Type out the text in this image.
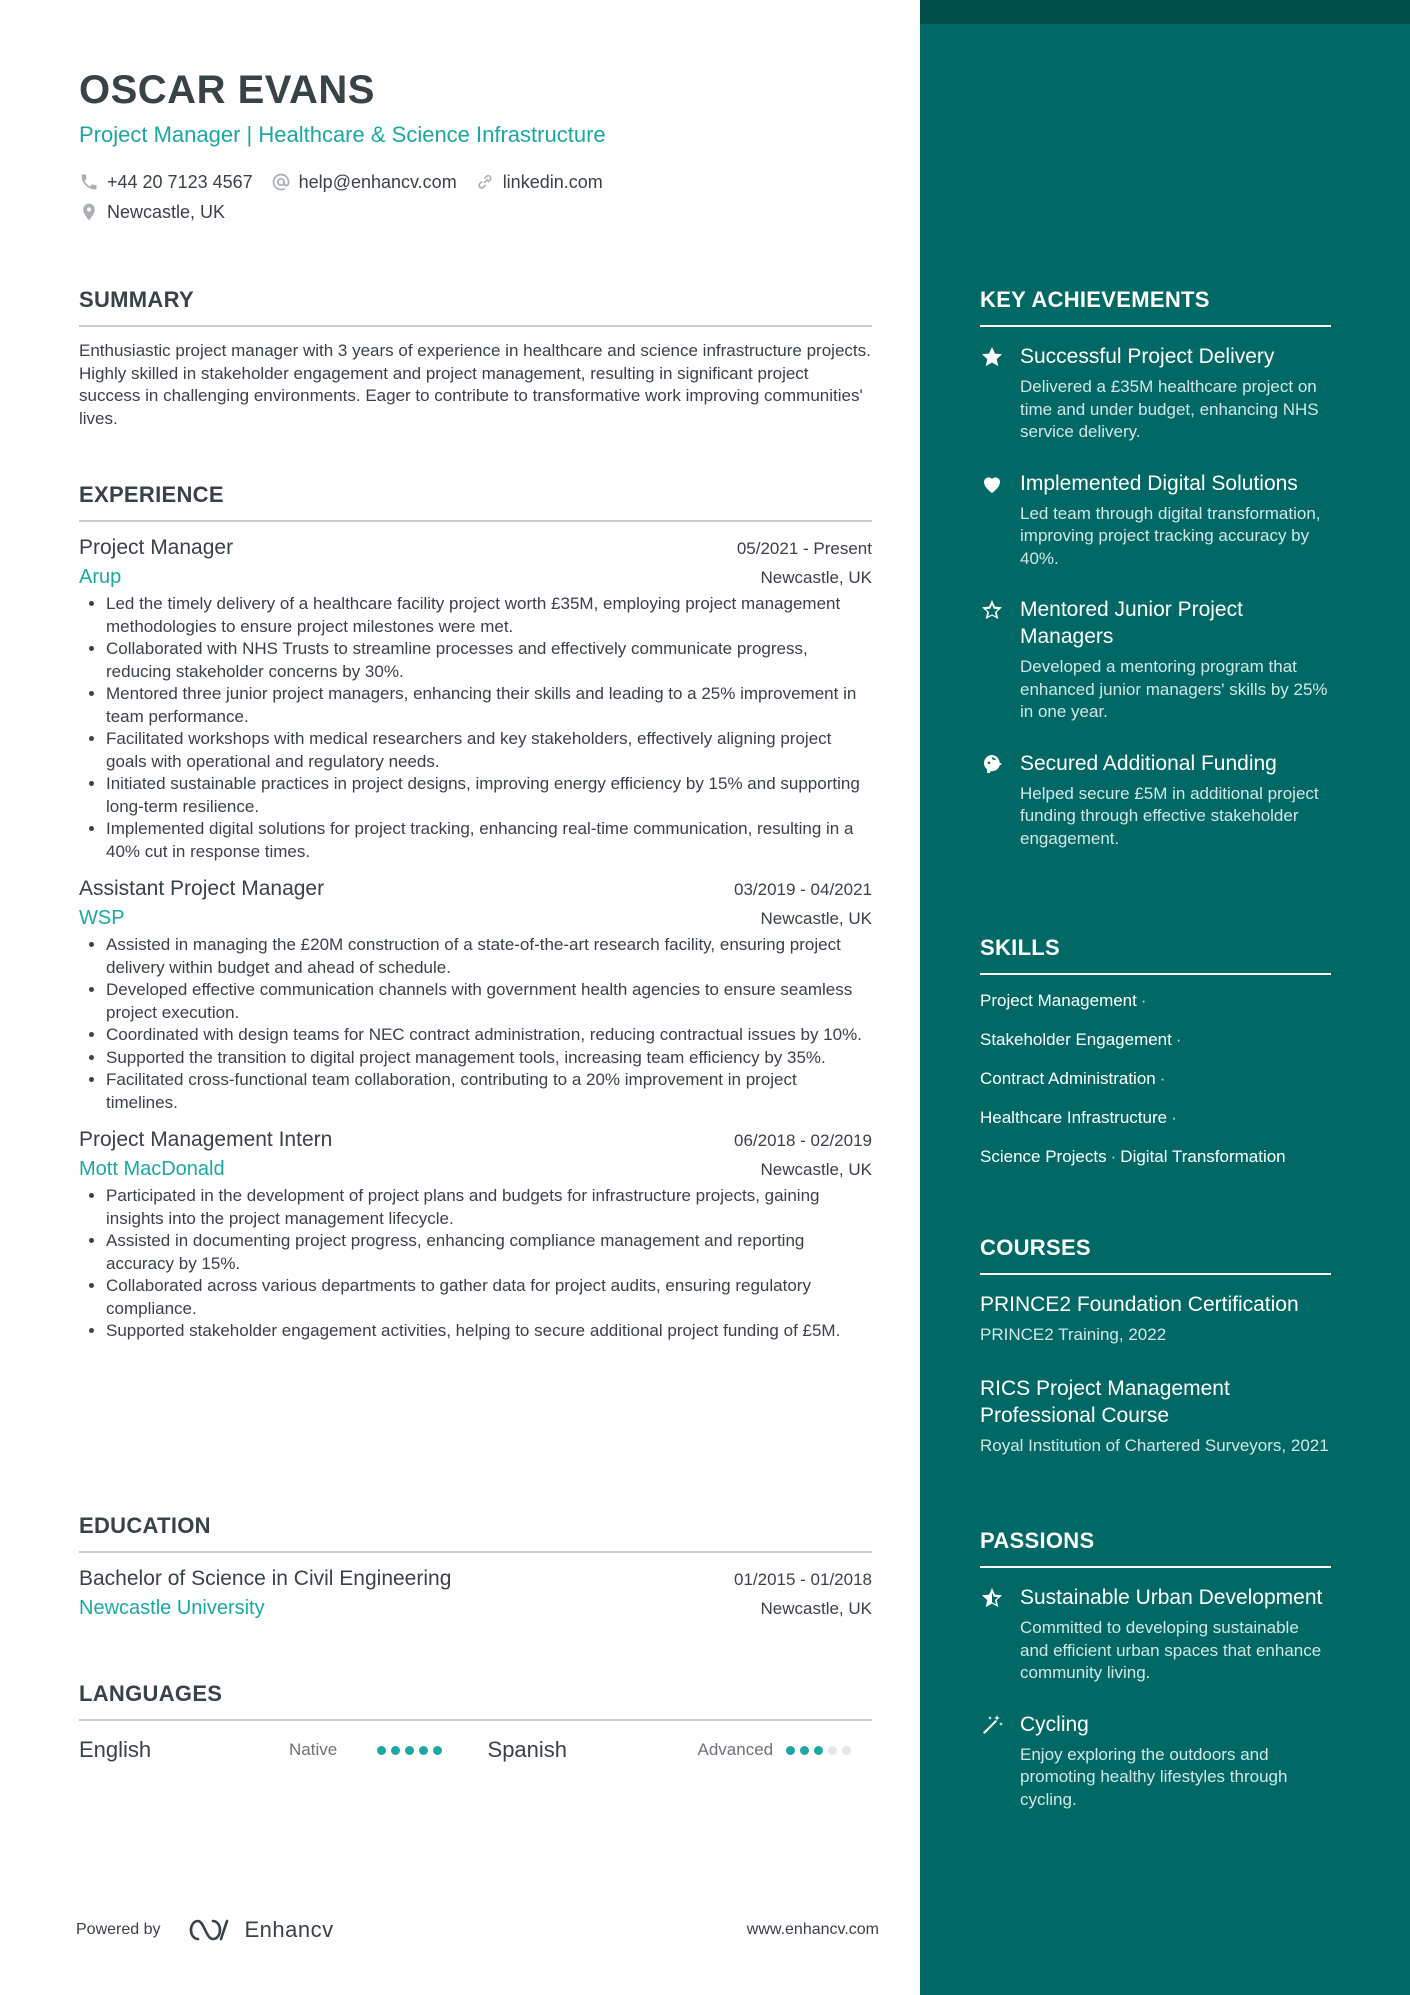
OSCAR EVANS
Project Manager | Healthcare & Science Infrastructure
+44 20 7123 4567	help@enhancv.com	linkedin.com
Newcastle, UK
SUMMARY

Enthusiastic project manager with 3 years of experience in healthcare and science infrastructure projects. Highly skilled in stakeholder engagement and project management, resulting in significant project success in challenging environments. Eager to contribute to transformative work improving communities' lives.

EXPERIENCE
Project Manager	05/2021 - Present
Arup	Newcastle, UK
• Led the timely delivery of a healthcare facility project worth £35M, employing project management methodologies to ensure project milestones were met.
• Collaborated with NHS Trusts to streamline processes and effectively communicate progress, reducing stakeholder concerns by 30%.
• Mentored three junior project managers, enhancing their skills and leading to a 25% improvement in team performance.
• Facilitated workshops with medical researchers and key stakeholders, effectively aligning project goals with operational and regulatory needs.
• Initiated sustainable practices in project designs, improving energy efficiency by 15% and supporting long-term resilience.
• Implemented digital solutions for project tracking, enhancing real-time communication, resulting in a 40% cut in response times.
Assistant Project Manager	03/2019 - 04/2021
WSP	Newcastle, UK
• Assisted in managing the £20M construction of a state-of-the-art research facility, ensuring project delivery within budget and ahead of schedule.
• Developed effective communication channels with government health agencies to ensure seamless project execution.
• Coordinated with design teams for NEC contract administration, reducing contractual issues by 10%.
• Supported the transition to digital project management tools, increasing team efficiency by 35%.
• Facilitated cross-functional team collaboration, contributing to a 20% improvement in project timelines.
Project Management Intern	06/2018 - 02/2019
Mott MacDonald	Newcastle, UK
• Participated in the development of project plans and budgets for infrastructure projects, gaining insights into the project management lifecycle.
• Assisted in documenting project progress, enhancing compliance management and reporting accuracy by 15%.
• Collaborated across various departments to gather data for project audits, ensuring regulatory compliance.
• Supported stakeholder engagement activities, helping to secure additional project funding of £5M.
EDUCATION
Bachelor of Science in Civil Engineering	01/2015 - 01/2018
Newcastle University	Newcastle, UK
LANGUAGES
English	Native	Spanish	Advanced
Powered by	Enhancv	www.enhancv.com
KEY ACHIEVEMENTS
Successful Project Delivery
Delivered a £35M healthcare project on time and under budget, enhancing NHS service delivery.
Implemented Digital Solutions
Led team through digital transformation, improving project tracking accuracy by 40%.
Mentored Junior Project Managers
Developed a mentoring program that enhanced junior managers' skills by 25% in one year.
Secured Additional Funding
Helped secure £5M in additional project funding through effective stakeholder engagement.
SKILLS
Project Management ·
Stakeholder Engagement ·
Contract Administration ·
Healthcare Infrastructure ·
Science Projects · Digital Transformation
COURSES
PRINCE2 Foundation Certification
PRINCE2 Training, 2022
RICS Project Management Professional Course
Royal Institution of Chartered Surveyors, 2021
PASSIONS
Sustainable Urban Development
Committed to developing sustainable and efficient urban spaces that enhance community living.
Cycling
Enjoy exploring the outdoors and promoting healthy lifestyles through cycling.
